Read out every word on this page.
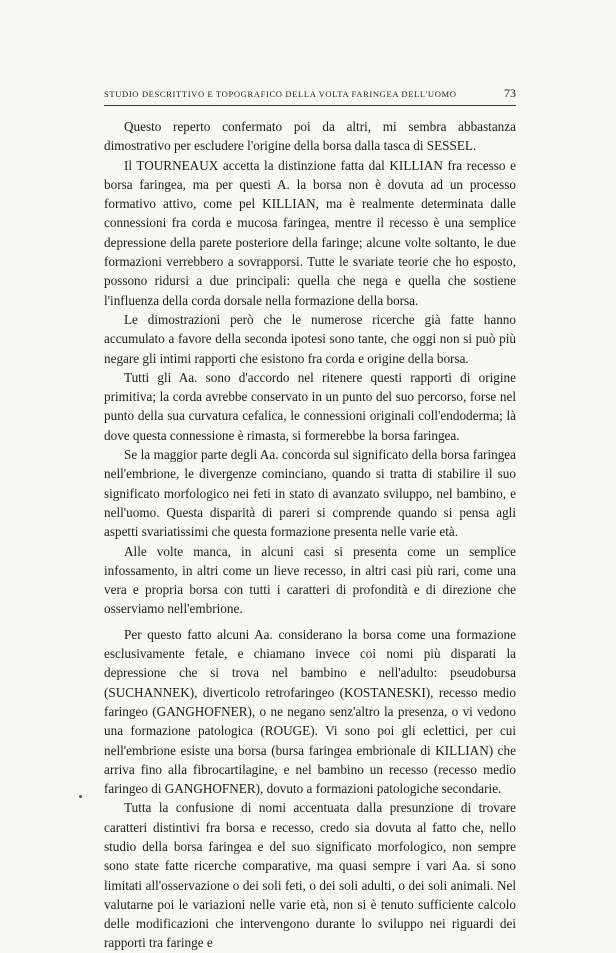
STUDIO DESCRITTIVO E TOPOGRAFICO DELLA VOLTA FARINGEA DELL'UOMO	73

Questo reperto confermato poi da altri, mi sembra abbastanza dimostrativo per escludere l'origine della borsa dalla tasca di SESSEL.

Il TOURNEAUX accetta la distinzione fatta dal KILLIAN fra recesso e borsa faringea, ma per questi A. la borsa non è dovuta ad un processo formativo attivo, come pel KILLIAN, ma è realmente determinata dalle connessioni fra corda e mucosa faringea, mentre il recesso è una semplice depressione della parete posteriore della faringe; alcune volte soltanto, le due formazioni verrebbero a sovrapporsi. Tutte le svariate teorie che ho esposto, possono ridursi a due principali: quella che nega e quella che sostiene l'influenza della corda dorsale nella formazione della borsa.

Le dimostrazioni però che le numerose ricerche già fatte hanno accumulato a favore della seconda ipotesi sono tante, che oggi non si può più negare gli intimi rapporti che esistono fra corda e origine della borsa.

Tutti gli Aa. sono d'accordo nel ritenere questi rapporti di origine primitiva; la corda avrebbe conservato in un punto del suo percorso, forse nel punto della sua curvatura cefalica, le connessioni originali coll'endoderma; là dove questa connessione è rimasta, si formerebbe la borsa faringea.

Se la maggior parte degli Aa. concorda sul significato della borsa faringea nell'embrione, le divergenze cominciano, quando si tratta di stabilire il suo significato morfologico nei feti in stato di avanzato sviluppo, nel bambino, e nell'uomo. Questa disparità di pareri si comprende quando si pensa agli aspetti svariatissimi che questa formazione presenta nelle varie età.

Alle volte manca, in alcuni casi si presenta come un semplice infossamento, in altri come un lieve recesso, in altri casi più rari, come una vera e propria borsa con tutti i caratteri di profondità e di direzione che osserviamo nell'embrione.

Per questo fatto alcuni Aa. considerano la borsa come una formazione esclusivamente fetale, e chiamano invece coi nomi più disparati la depressione che si trova nel bambino e nell'adulto: pseudobursa (SUCHANNEK), diverticolo retrofaringeo (KOSTANESKI), recesso medio faringeo (GANGHOFNER), o ne negano senz'altro la presenza, o vi vedono una formazione patologica (ROUGE). Vi sono poi gli eclettici, per cui nell'embrione esiste una borsa (bursa faringea embrionale di KILLIAN) che arriva fino alla fibrocartilagine, e nel bambino un recesso (recesso medio faringeo di GANGHOFNER), dovuto a formazioni patologiche secondarie.

Tutta la confusione di nomi accentuata dalla presunzione di trovare caratteri distintivi fra borsa e recesso, credo sia dovuta al fatto che, nello studio della borsa faringea e del suo significato morfologico, non sempre sono state fatte ricerche comparative, ma quasi sempre i vari Aa. si sono limitati all'osservazione o dei soli feti, o dei soli adulti, o dei soli animali. Nel valutarne poi le variazioni nelle varie età, non si è tenuto sufficiente calcolo delle modificazioni che intervengono durante lo sviluppo nei riguardi dei rapporti tra faringe e
